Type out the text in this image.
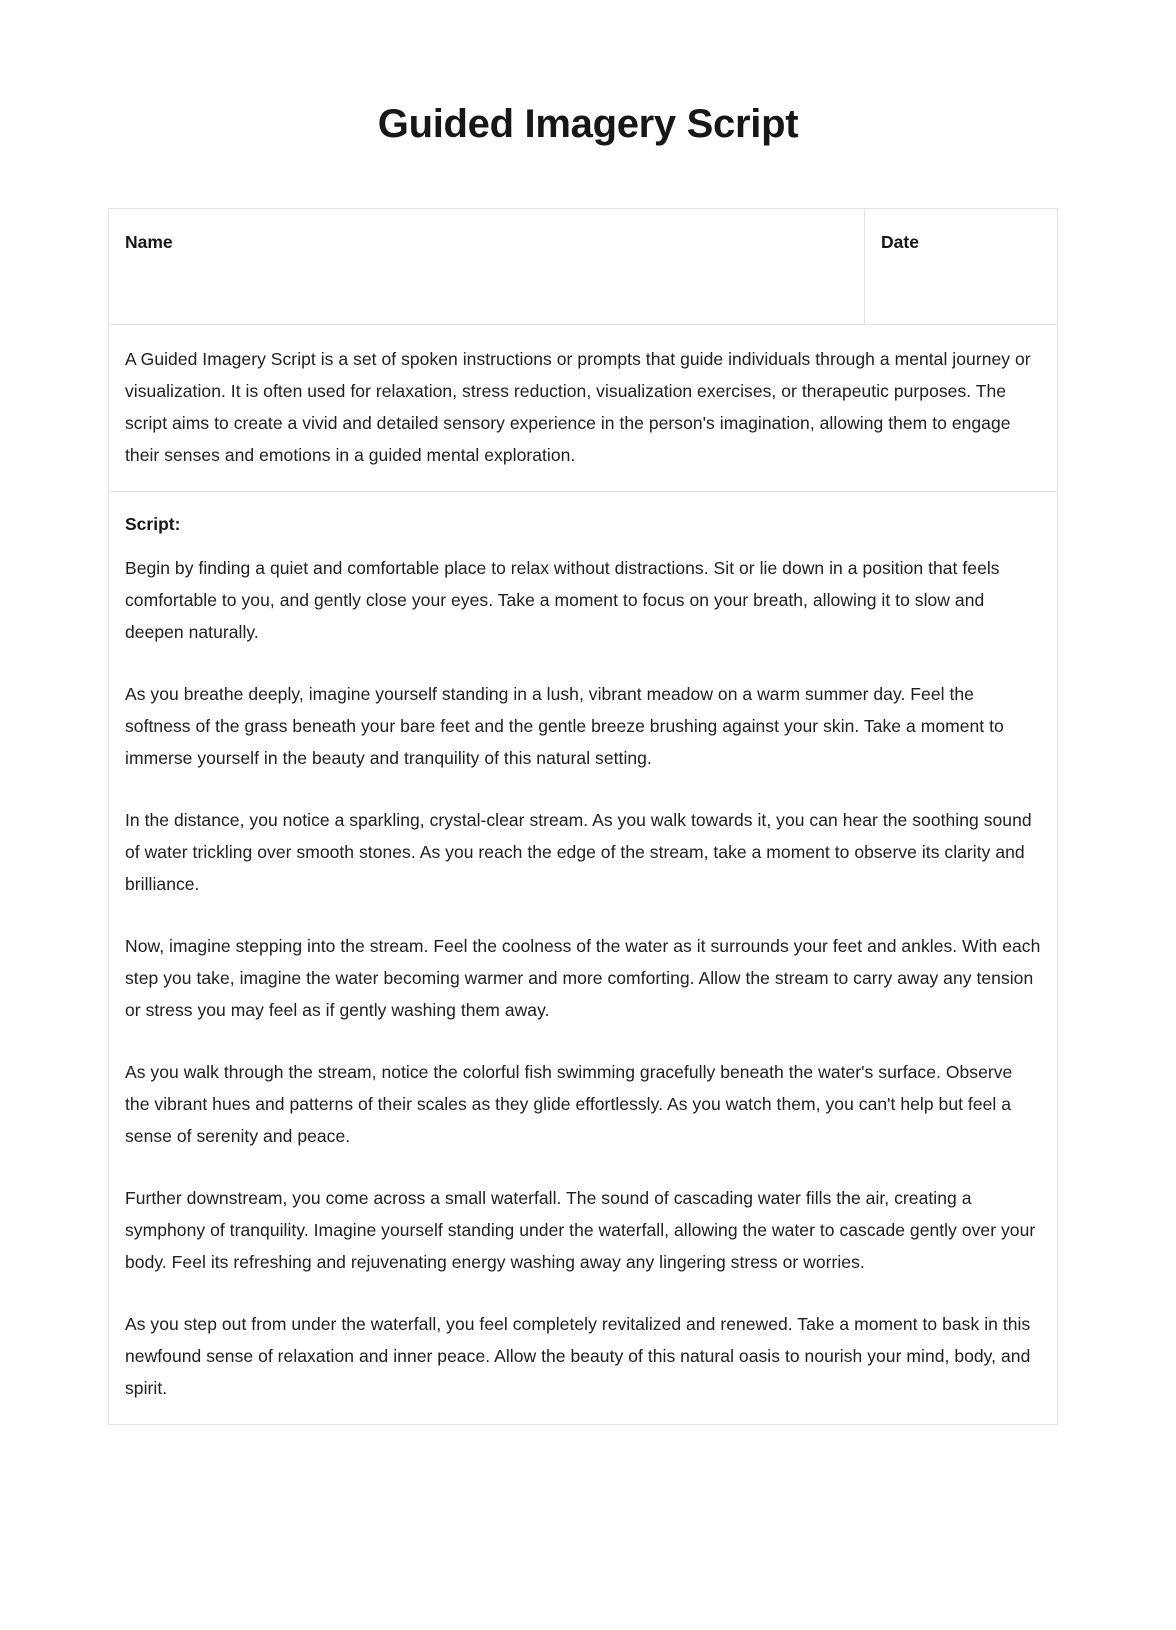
Guided Imagery Script
Name	Date

A Guided Imagery Script is a set of spoken instructions or prompts that guide individuals through a mental journey or visualization. It is often used for relaxation, stress reduction, visualization exercises, or therapeutic purposes. The script aims to create a vivid and detailed sensory experience in the person's imagination, allowing them to engage their senses and emotions in a guided mental exploration.

Script:

Begin by finding a quiet and comfortable place to relax without distractions. Sit or lie down in a position that feels comfortable to you, and gently close your eyes. Take a moment to focus on your breath, allowing it to slow and deepen naturally.

As you breathe deeply, imagine yourself standing in a lush, vibrant meadow on a warm summer day. Feel the softness of the grass beneath your bare feet and the gentle breeze brushing against your skin. Take a moment to immerse yourself in the beauty and tranquility of this natural setting.

In the distance, you notice a sparkling, crystal-clear stream. As you walk towards it, you can hear the soothing sound of water trickling over smooth stones. As you reach the edge of the stream, take a moment to observe its clarity and brilliance.

Now, imagine stepping into the stream. Feel the coolness of the water as it surrounds your feet and ankles. With each step you take, imagine the water becoming warmer and more comforting. Allow the stream to carry away any tension or stress you may feel as if gently washing them away.

As you walk through the stream, notice the colorful fish swimming gracefully beneath the water's surface. Observe the vibrant hues and patterns of their scales as they glide effortlessly. As you watch them, you can't help but feel a sense of serenity and peace.

Further downstream, you come across a small waterfall. The sound of cascading water fills the air, creating a symphony of tranquility. Imagine yourself standing under the waterfall, allowing the water to cascade gently over your body. Feel its refreshing and rejuvenating energy washing away any lingering stress or worries.

As you step out from under the waterfall, you feel completely revitalized and renewed. Take a moment to bask in this newfound sense of relaxation and inner peace. Allow the beauty of this natural oasis to nourish your mind, body, and spirit.
